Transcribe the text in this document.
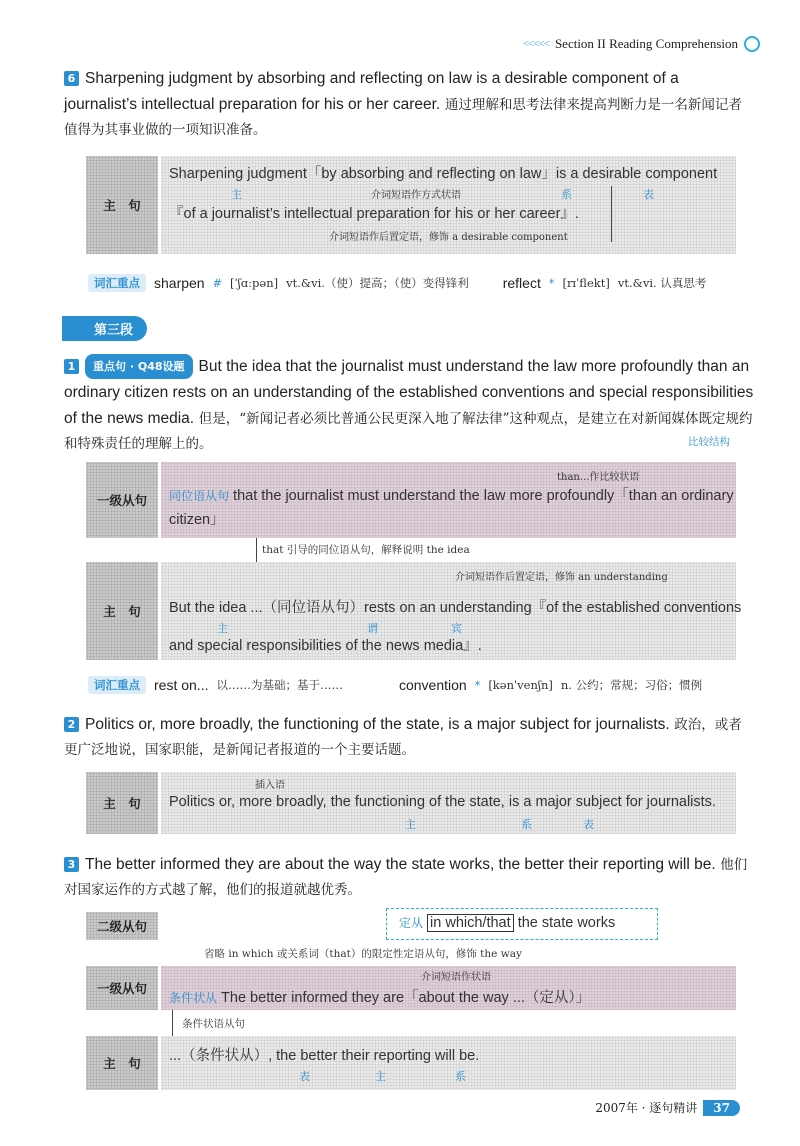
<<<<< Section II Reading Comprehension
6 Sharpening judgment by absorbing and reflecting on law is a desirable component of a journalist’s intellectual preparation for his or her career. 通过理解和思考法律来提高判断力是一名新闻记者值得为其事业做的一项知识准备。
主　句
Sharpening judgment「by absorbing and reflecting on law」is a desirable component
介词短语作方式状语
主	系	表
『of a journalist’s intellectual preparation for his or her career』.
介词短语作后置定语，修饰 a desirable component
词汇重点	sharpen # [ˈʃɑːpən] vt.&vi.（使）提高；（使）变得锋利 reflect * [rɪˈflekt] vt.&vi. 认真思考
第三段
1 重点句 · Q48设题 But the idea that the journalist must understand the law more profoundly than an ordinary citizen rests on an understanding of the established conventions and special responsibilities of the news media. 但是，“新闻记者必须比普通公民更深入地了解法律”这种观点，是建立在对新闻媒体既定规约和特殊责任的理解上的。	比较结构
一级从句
than...作比较状语
同位语从句 that the journalist must understand the law more profoundly「than an ordinary
citizen」
that 引导的同位语从句，解释说明 the idea
主　句
介词短语作后置定语，修饰 an understanding
But the idea ...（同位语从句）rests on an understanding『of the established conventions
主	谓	宾
and special responsibilities of the news media』.
词汇重点	rest on... 以……为基础；基于……	convention * [kənˈvenʃn] n. 公约；常规；习俗；惯例
2 Politics or, more broadly, the functioning of the state, is a major subject for journalists. 政治，或者更广泛地说，国家职能，是新闻记者报道的一个主要话题。
主　句
插入语
Politics or, more broadly, the functioning of the state, is a major subject for journalists.
主	系	表
3 The better informed they are about the way the state works, the better their reporting will be. 他们对国家运作的方式越了解，他们的报道就越优秀。
二级从句	定从 in which/that the state works
省略 in which 或关系词（that）的限定性定语从句，修饰 the way
一级从句
介词短语作状语
条件状从 The better informed they are「about the way ...（定从）」
条件状语从句
主　句	...（条件状从）, the better their reporting will be.
表	主	系
2007年 · 逐句精讲	37
